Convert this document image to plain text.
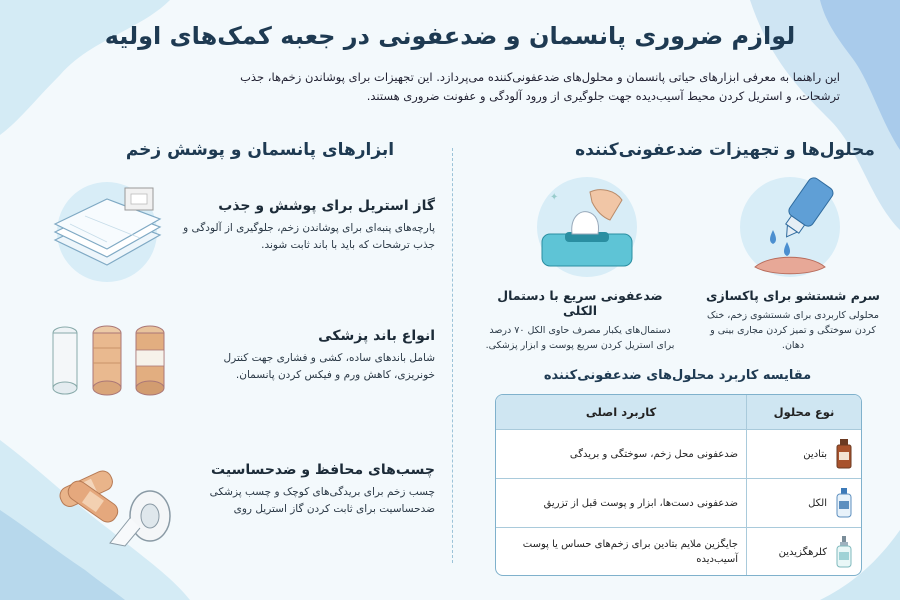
لوازم ضروری پانسمان و ضدعفونی در جعبه کمک‌های اولیه
این راهنما به معرفی ابزارهای حیاتی پانسمان و محلول‌های ضدعفونی‌کننده می‌پردازد. این تجهیزات برای پوشاندن زخم‌ها، جذب ترشحات، و استریل کردن محیط آسیب‌دیده جهت جلوگیری از ورود آلودگی و عفونت ضروری هستند.
محلول‌ها و تجهیزات ضدعفونی‌کننده
ابزارهای پانسمان و پوشش زخم
گاز استریل برای پوشش و جذب

پارچه‌های پنبه‌ای برای پوشاندن زخم، جلوگیری از آلودگی و جذب ترشحات که باید با باند ثابت شوند.

انواع باند پزشکی

شامل باندهای ساده، کشی و فشاری جهت کنترل خونریزی، کاهش ورم و فیکس کردن پانسمان.

چسب‌های محافظ و ضدحساسیت

چسب زخم برای بریدگی‌های کوچک و چسب پزشکی ضدحساسیت برای ثابت کردن گاز استریل روی

سرم شستشو برای پاکسازی

محلولی کاربردی برای شستشوی زخم، خنک کردن سوختگی و تمیز کردن مجاری بینی و دهان.

✦
ضدعفونی سریع با دستمال الکلی

دستمال‌های یکبار مصرف حاوی الکل ۷۰ درصد برای استریل کردن سریع پوست و ابزار پزشکی.

مقایسه کاربرد محلول‌های ضدعفونی‌کننده
نوع محلول
کاربرد اصلی
بتادین
ضدعفونی محل زخم، سوختگی و بریدگی
الکل
ضدعفونی دست‌ها، ابزار و پوست قبل از تزریق
کلرهگزیدین
جایگزین ملایم بتادین برای زخم‌های حساس یا پوست آسیب‌دیده
